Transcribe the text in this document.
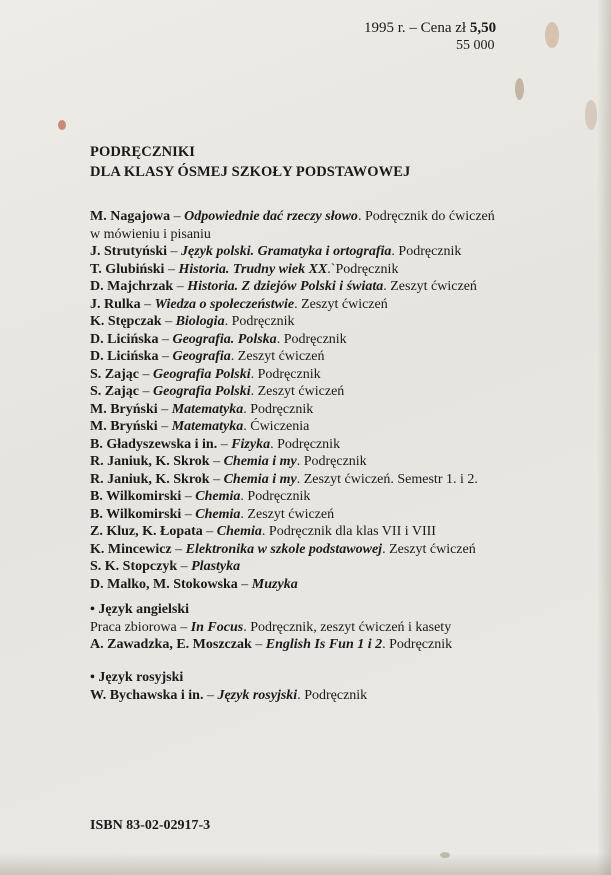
1995 r. – Cena zł 5,50
55 000
PODRĘCZNIKI
DLA KLASY ÓSMEJ SZKOŁY PODSTAWOWEJ
M. Nagajowa – Odpowiednie dać rzeczy słowo. Podręcznik do ćwiczeń
w mówieniu i pisaniu
J. Strutyński – Język polski. Gramatyka i ortografia. Podręcznik
T. Glubiński – Historia. Trudny wiek XX.`Podręcznik
D. Majchrzak – Historia. Z dziejów Polski i świata. Zeszyt ćwiczeń
J. Rulka – Wiedza o społeczeństwie. Zeszyt ćwiczeń
K. Stępczak – Biologia. Podręcznik
D. Licińska – Geografia. Polska. Podręcznik
D. Licińska – Geografia. Zeszyt ćwiczeń
S. Zając – Geografia Polski. Podręcznik
S. Zając – Geografia Polski. Zeszyt ćwiczeń
M. Bryński – Matematyka. Podręcznik
M. Bryński – Matematyka. Ćwiczenia
B. Gładyszewska i in. – Fizyka. Podręcznik
R. Janiuk, K. Skrok – Chemia i my. Podręcznik
R. Janiuk, K. Skrok – Chemia i my. Zeszyt ćwiczeń. Semestr 1. i 2.
B. Wilkomirski – Chemia. Podręcznik
B. Wilkomirski – Chemia. Zeszyt ćwiczeń
Z. Kluz, K. Łopata – Chemia. Podręcznik dla klas VII i VIII
K. Mincewicz – Elektronika w szkole podstawowej. Zeszyt ćwiczeń
S. K. Stopczyk – Plastyka
D. Malko, M. Stokowska – Muzyka
• Język angielski
Praca zbiorowa – In Focus. Podręcznik, zeszyt ćwiczeń i kasety
A. Zawadzka, E. Moszczak – English Is Fun 1 i 2. Podręcznik
• Język rosyjski
W. Bychawska i in. – Język rosyjski. Podręcznik
ISBN 83-02-02917-3
